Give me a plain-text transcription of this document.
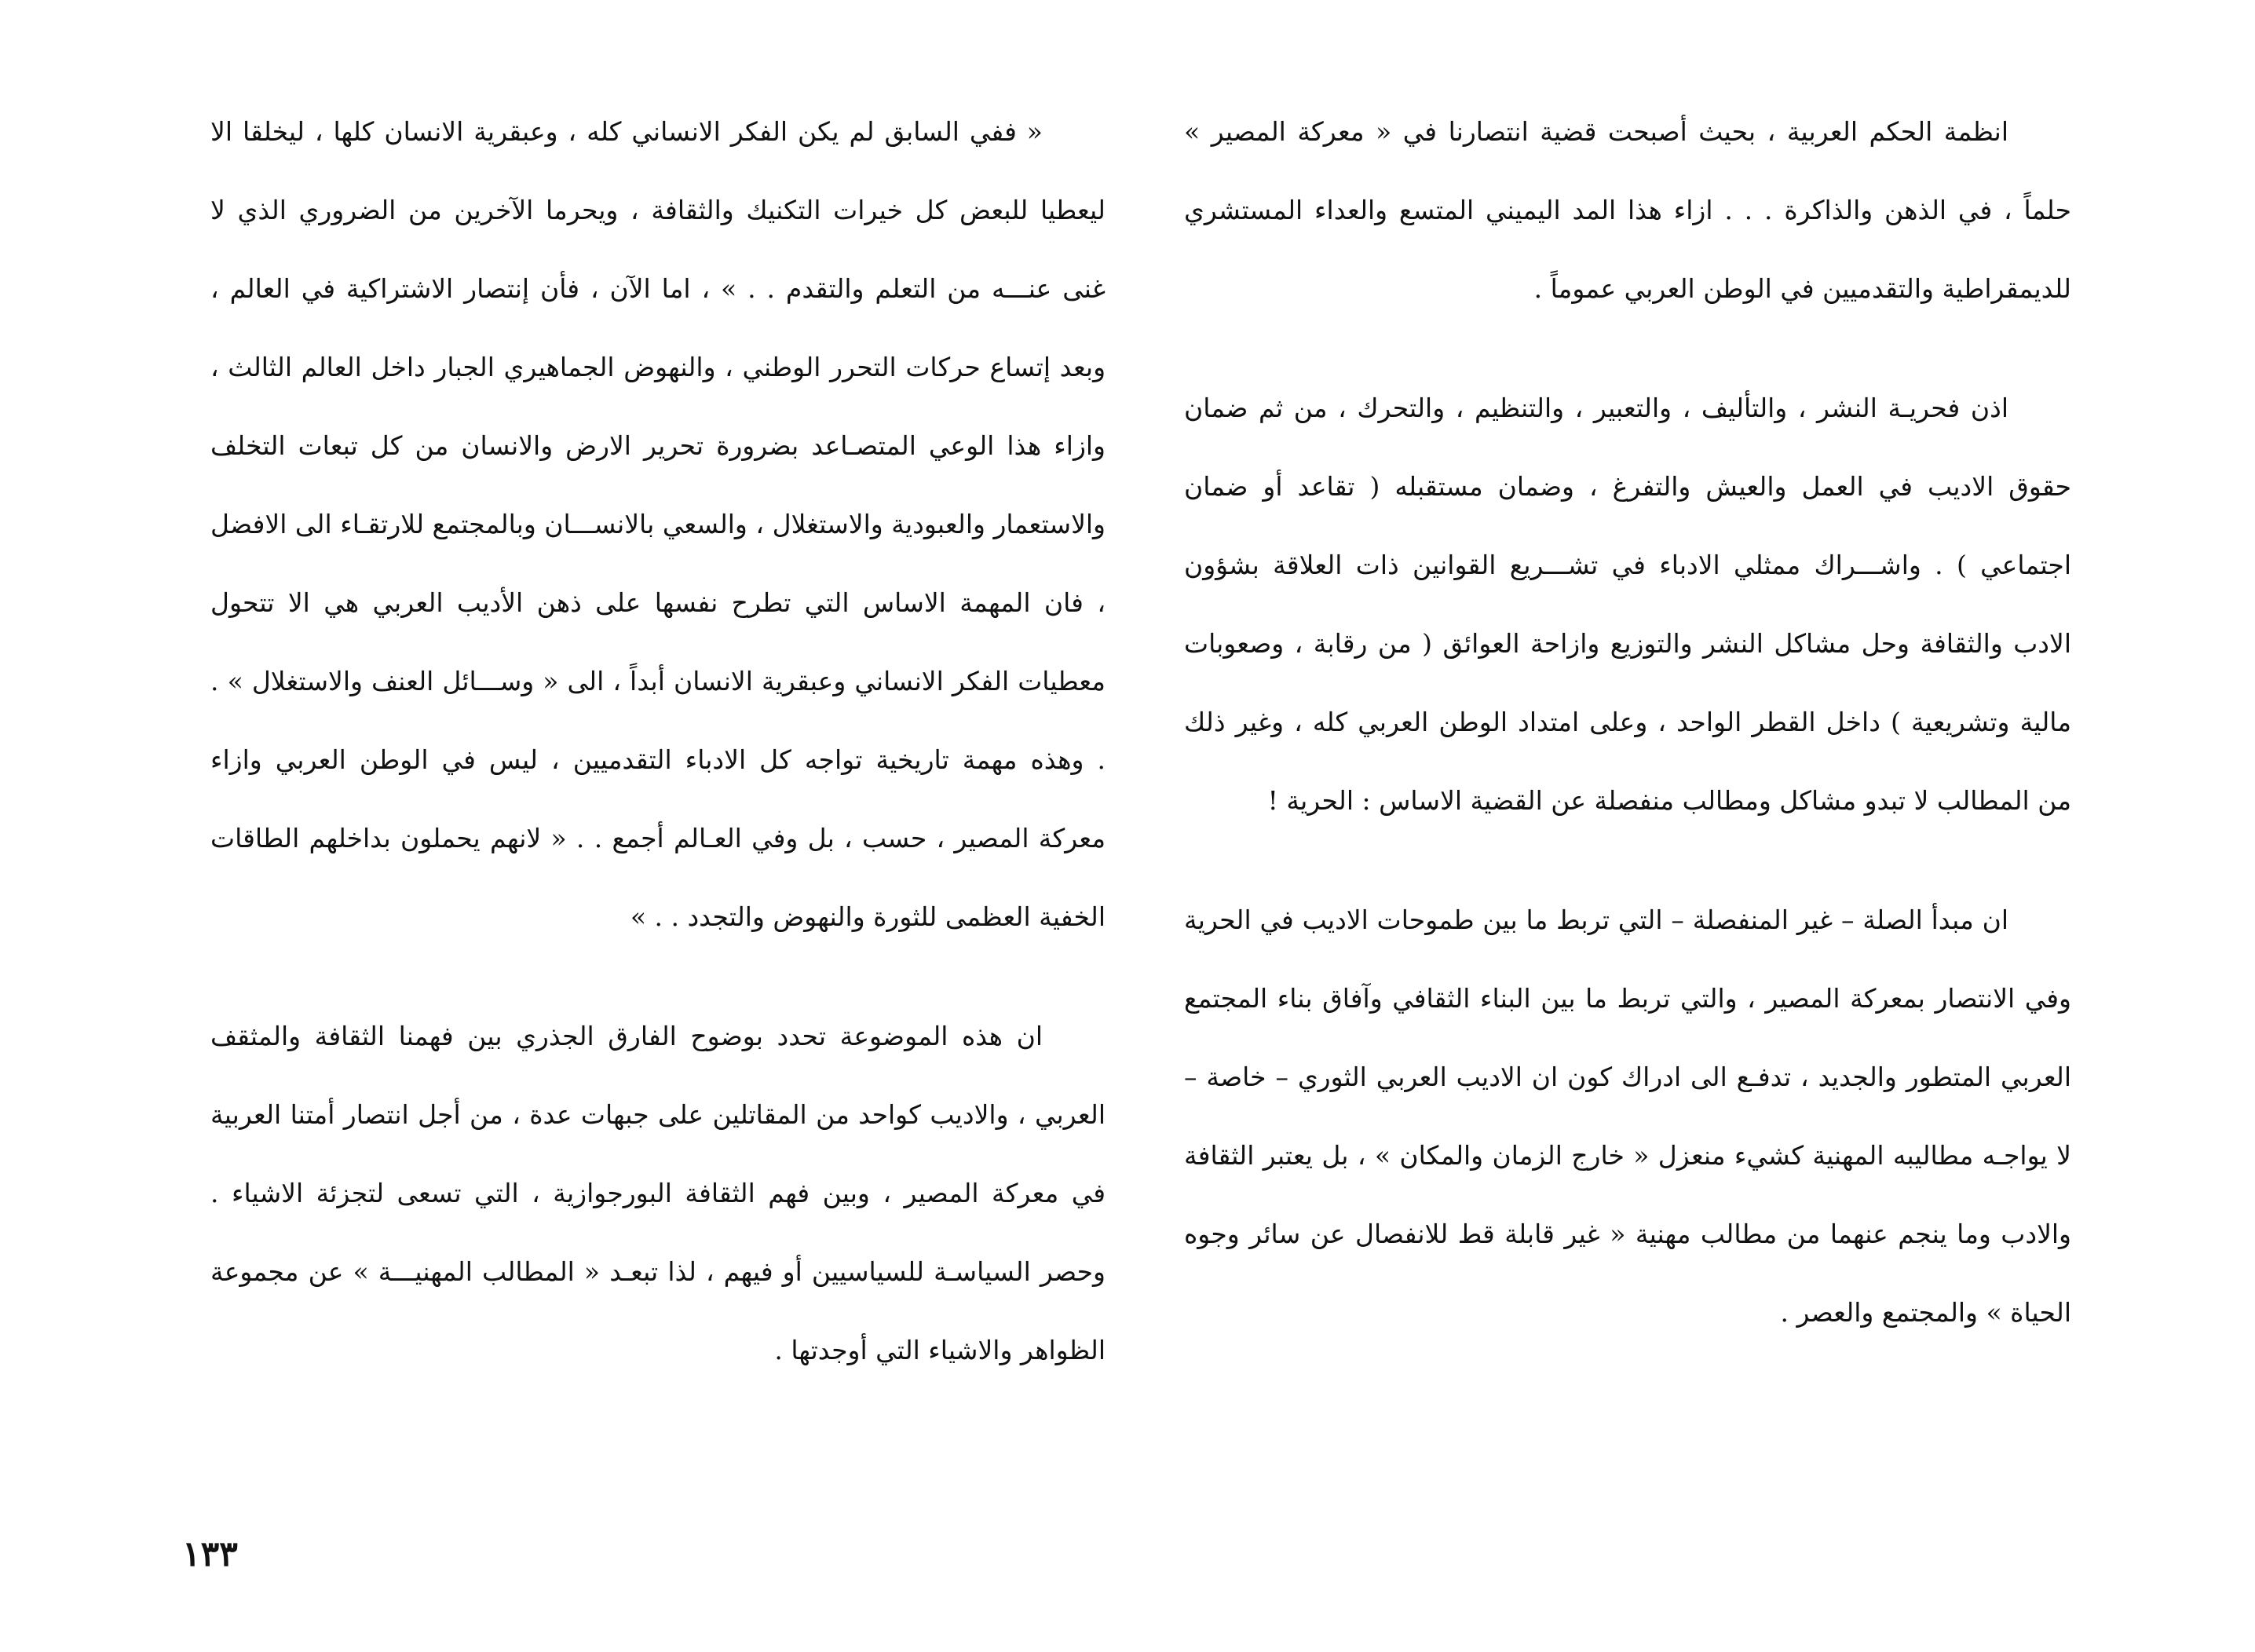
انظمة الحكم العربية ، بحيث أصبحت قضية انتصارنا في « معركة المصير » حلماً ، في الذهن والذاكرة . . . ازاء هذا المد اليميني المتسع والعداء المستشري للديمقراطية والتقدميين في الوطن العربي عموماً .

اذن فحريـة النشر ، والتأليف ، والتعبير ، والتنظيم ، والتحرك ، من ثم ضمان حقوق الاديب في العمل والعيش والتفرغ ، وضمان مستقبله ( تقاعد أو ضمان اجتماعي ) . واشـــراك ممثلي الادباء في تشـــريع القوانين ذات العلاقة بشؤون الادب والثقافة وحل مشاكل النشر والتوزيع وازاحة العوائق ( من رقابة ، وصعوبات مالية وتشريعية ) داخل القطر الواحد ، وعلى امتداد الوطن العربي كله ، وغير ذلك من المطالب لا تبدو مشاكل ومطالب منفصلة عن القضية الاساس : الحرية !

ان مبدأ الصلة – غير المنفصلة – التي تربط ما بين طموحات الاديب في الحرية وفي الانتصار بمعركة المصير ، والتي تربط ما بين البناء الثقافي وآفاق بناء المجتمع العربي المتطور والجديد ، تدفـع الى ادراك كون ان الاديب العربي الثوري – خاصة – لا يواجـه مطاليبه المهنية كشيء منعزل « خارج الزمان والمكان » ، بل يعتبر الثقافة والادب وما ينجم عنهما من مطالب مهنية « غير قابلة قط للانفصال عن سائر وجوه الحياة » والمجتمع والعصر .

« ففي السابق لم يكن الفكر الانساني كله ، وعبقرية الانسان كلها ، ليخلقا الا ليعطيا للبعض كل خيرات التكنيك والثقافة ، ويحرما الآخرين من الضروري الذي لا غنى عنـــه من التعلم والتقدم . . » ، اما الآن ، فأن إنتصار الاشتراكية في العالم ، وبعد إتساع حركات التحرر الوطني ، والنهوض الجماهيري الجبار داخل العالم الثالث ، وازاء هذا الوعي المتصـاعد بضرورة تحرير الارض والانسان من كل تبعات التخلف والاستعمار والعبودية والاستغلال ، والسعي بالانســـان وبالمجتمع للارتقـاء الى الافضل ، فان المهمة الاساس التي تطرح نفسها على ذهن الأديب العربي هي الا تتحول معطيات الفكر الانساني وعبقرية الانسان أبداً ، الى « وســـائل العنف والاستغلال » . . وهذه مهمة تاريخية تواجه كل الادباء التقدميين ، ليس في الوطن العربي وازاء معركة المصير ، حسب ، بل وفي العـالم أجمع . . « لانهم يحملون بداخلهم الطاقات الخفية العظمى للثورة والنهوض والتجدد . . »

ان هذه الموضوعة تحدد بوضوح الفارق الجذري بين فهمنا الثقافة والمثقف العربي ، والاديب كواحد من المقاتلين على جبهات عدة ، من أجل انتصار أمتنا العربية في معركة المصير ، وبين فهم الثقافة البورجوازية ، التي تسعى لتجزئة الاشياء . وحصر السياسـة للسياسيين أو فيهم ، لذا تبعـد « المطالب المهنيـــة » عن مجموعة الظواهر والاشياء التي أوجدتها .

١٣٣
